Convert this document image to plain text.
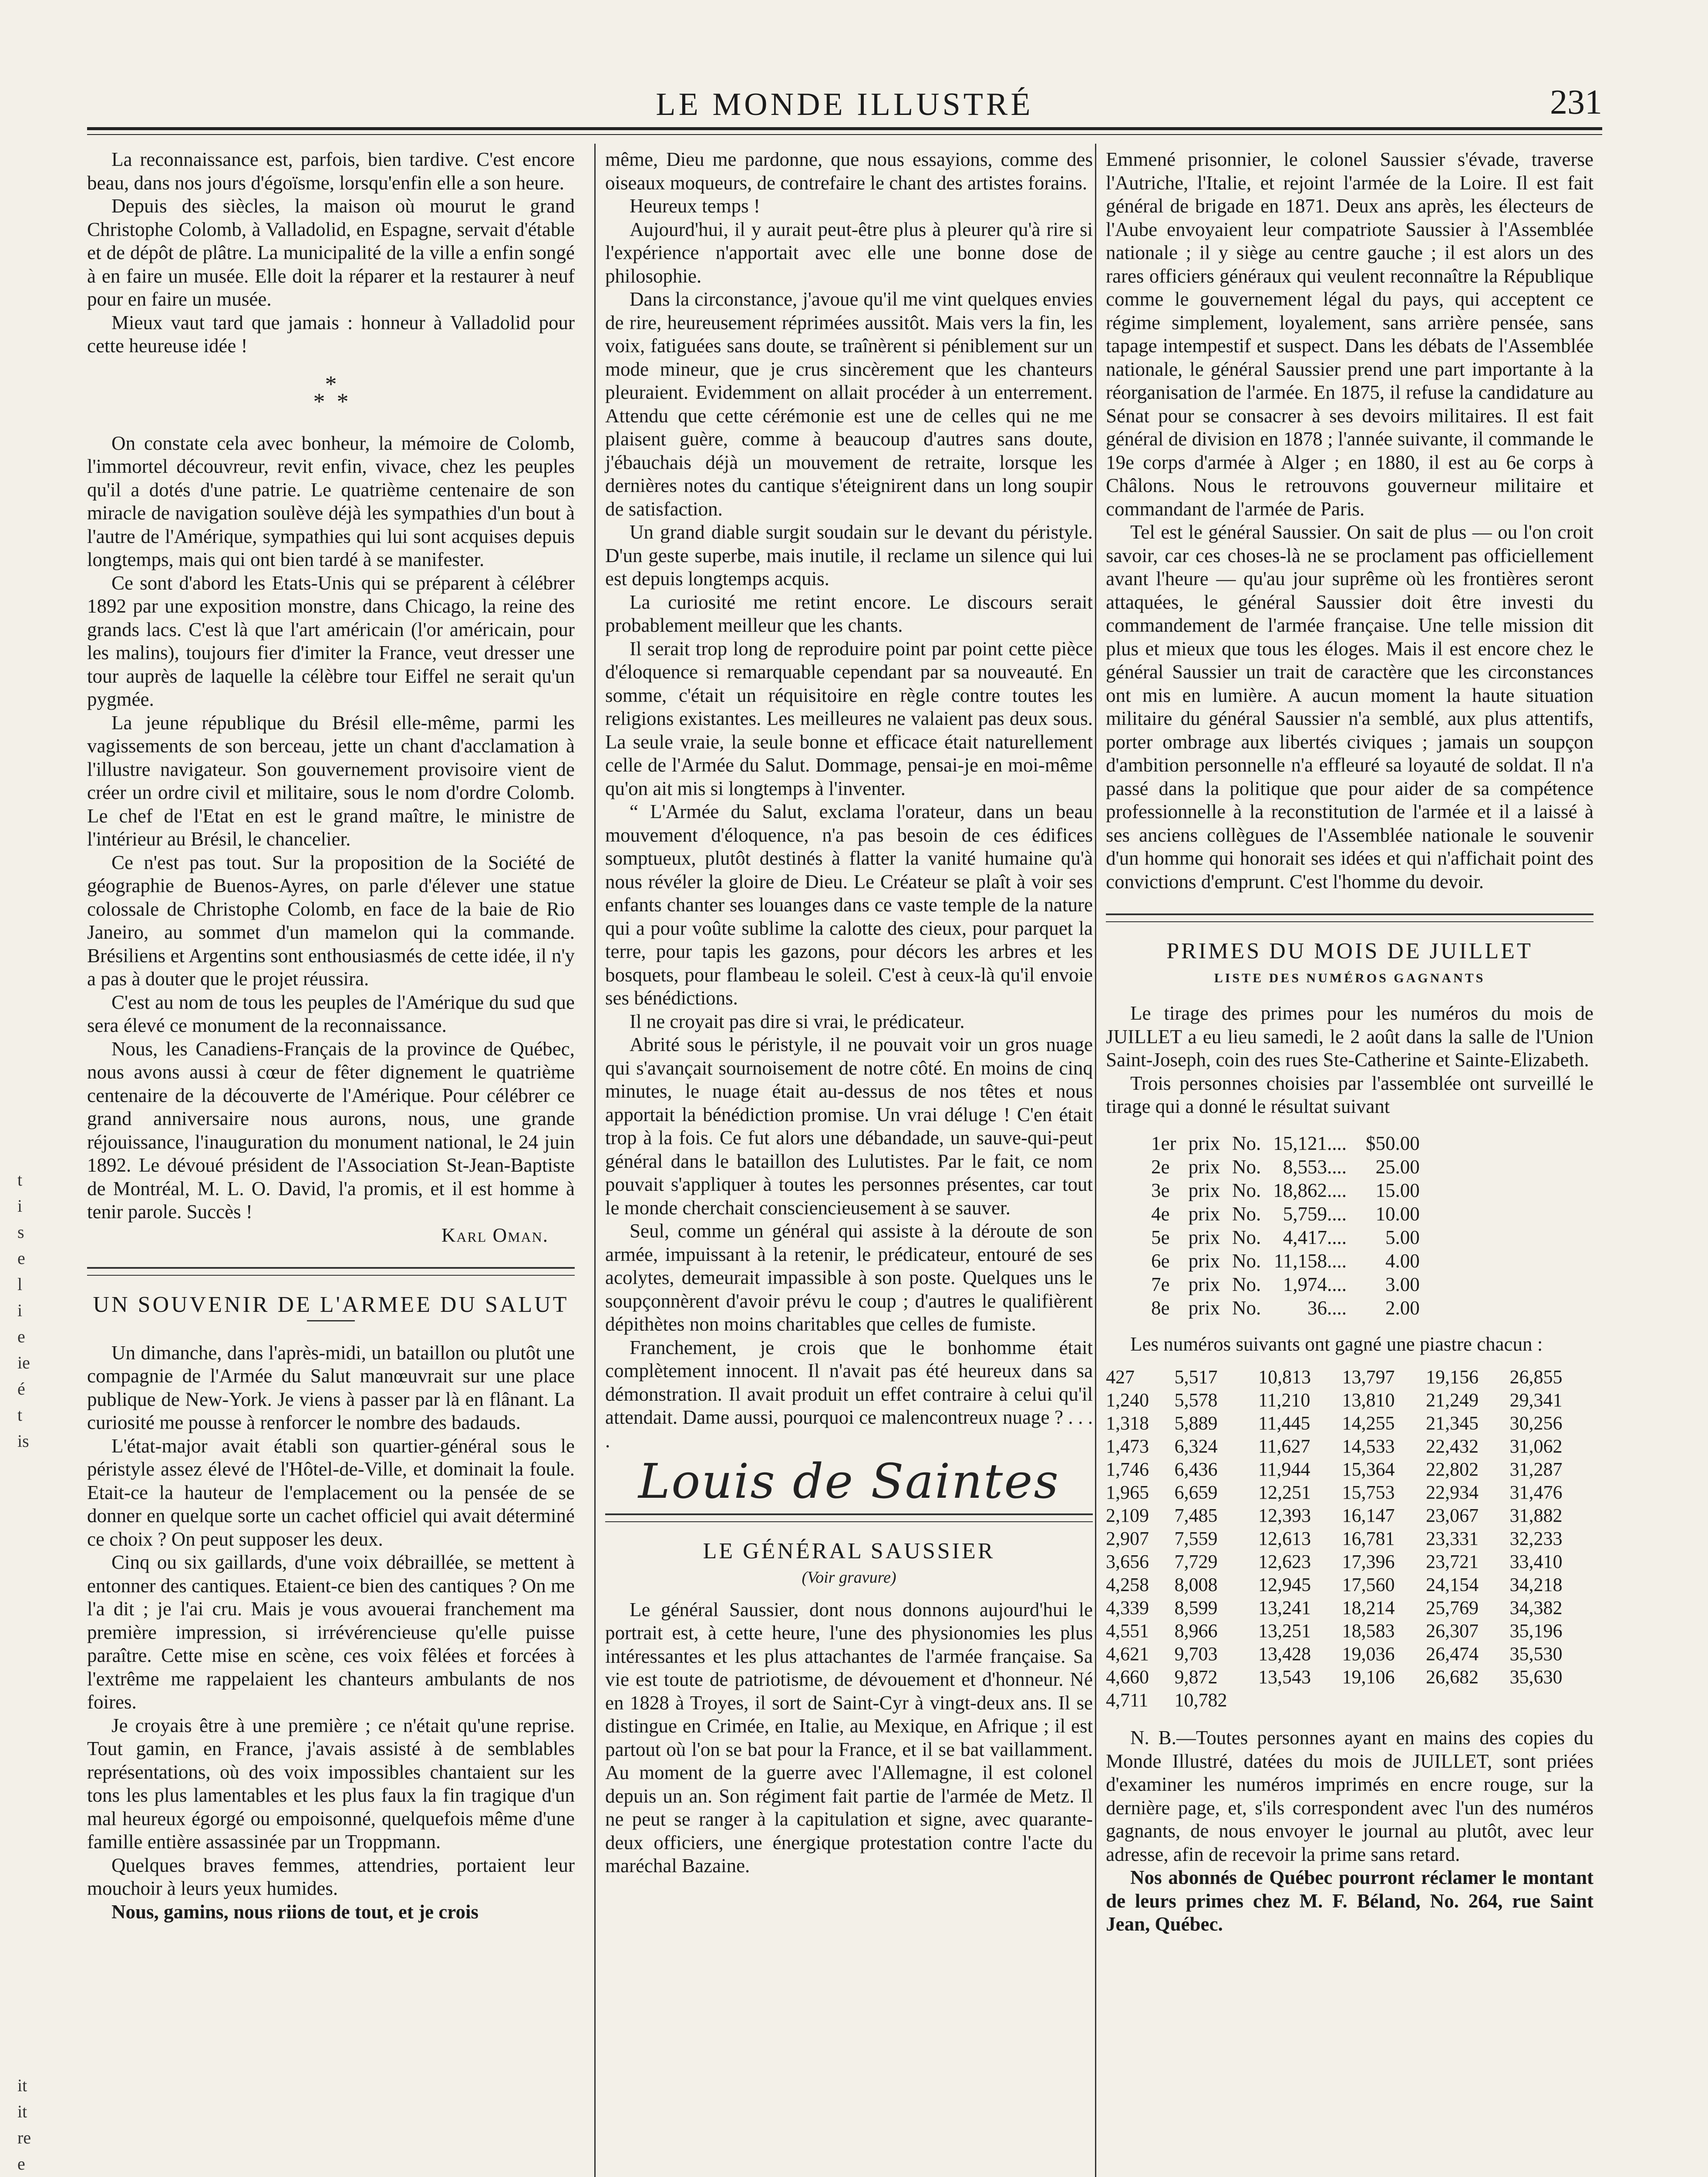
LE MONDE ILLUSTRÉ	231
t
i
s
e
l
i
e
ie
é
t
is
it
it
re
e

La reconnaissance est, parfois, bien tardive. C'est encore beau, dans nos jours d'égoïsme, lorsqu'enfin elle a son heure.

Depuis des siècles, la maison où mourut le grand Christophe Colomb, à Valladolid, en Espagne, servait d'étable et de dépôt de plâtre. La municipalité de la ville a enfin songé à en faire un musée. Elle doit la réparer et la restaurer à neuf pour en faire un musée.

Mieux vaut tard que jamais : honneur à Valladolid pour cette heureuse idée !

*
*  *

On constate cela avec bonheur, la mémoire de Colomb, l'immortel découvreur, revit enfin, vivace, chez les peuples qu'il a dotés d'une patrie. Le quatrième centenaire de son miracle de navigation soulève déjà les sympathies d'un bout à l'autre de l'Amérique, sympathies qui lui sont acquises depuis longtemps, mais qui ont bien tardé à se manifester.

Ce sont d'abord les Etats-Unis qui se préparent à célébrer 1892 par une exposition monstre, dans Chicago, la reine des grands lacs. C'est là que l'art américain (l'or américain, pour les malins), toujours fier d'imiter la France, veut dresser une tour auprès de laquelle la célèbre tour Eiffel ne serait qu'un pygmée.

La jeune république du Brésil elle-même, parmi les vagissements de son berceau, jette un chant d'acclamation à l'illustre navigateur. Son gouvernement provisoire vient de créer un ordre civil et militaire, sous le nom d'ordre Colomb. Le chef de l'Etat en est le grand maître, le ministre de l'intérieur au Brésil, le chancelier.

Ce n'est pas tout. Sur la proposition de la Société de géographie de Buenos-Ayres, on parle d'élever une statue colossale de Christophe Colomb, en face de la baie de Rio Janeiro, au sommet d'un mamelon qui la commande. Brésiliens et Argentins sont enthousiasmés de cette idée, il n'y a pas à douter que le projet réussira.

C'est au nom de tous les peuples de l'Amérique du sud que sera élevé ce monument de la reconnaissance.

Nous, les Canadiens-Français de la province de Québec, nous avons aussi à cœur de fêter dignement le quatrième centenaire de la découverte de l'Amérique. Pour célébrer ce grand anniversaire nous aurons, nous, une grande réjouissance, l'inauguration du monument national, le 24 juin 1892. Le dévoué président de l'Association St-Jean-Baptiste de Montréal, M. L. O. David, l'a promis, et il est homme à tenir parole. Succès !

Karl Oman.
UN SOUVENIR DE L'ARMEE DU SALUT

Un dimanche, dans l'après-midi, un bataillon ou plutôt une compagnie de l'Armée du Salut manœuvrait sur une place publique de New-York. Je viens à passer par là en flânant. La curiosité me pousse à renforcer le nombre des badauds.

L'état-major avait établi son quartier-général sous le péristyle assez élevé de l'Hôtel-de-Ville, et dominait la foule. Etait-ce la hauteur de l'emplacement ou la pensée de se donner en quelque sorte un cachet officiel qui avait déterminé ce choix ? On peut supposer les deux.

Cinq ou six gaillards, d'une voix débraillée, se mettent à entonner des cantiques. Etaient-ce bien des cantiques ? On me l'a dit ; je l'ai cru. Mais je vous avouerai franchement ma première impression, si irrévérencieuse qu'elle puisse paraître. Cette mise en scène, ces voix fêlées et forcées à l'extrême me rappelaient les chanteurs ambulants de nos foires.

Je croyais être à une première ; ce n'était qu'une reprise. Tout gamin, en France, j'avais assisté à de semblables représentations, où des voix impossibles chantaient sur les tons les plus lamentables et les plus faux la fin tragique d'un mal heureux égorgé ou empoisonné, quelquefois même d'une famille entière assassinée par un Troppmann.

Quelques braves femmes, attendries, portaient leur mouchoir à leurs yeux humides.

Nous, gamins, nous riions de tout, et je crois

même, Dieu me pardonne, que nous essayions, comme des oiseaux moqueurs, de contrefaire le chant des artistes forains.

Heureux temps !

Aujourd'hui, il y aurait peut-être plus à pleurer qu'à rire si l'expérience n'apportait avec elle une bonne dose de philosophie.

Dans la circonstance, j'avoue qu'il me vint quelques envies de rire, heureusement réprimées aussitôt. Mais vers la fin, les voix, fatiguées sans doute, se traînèrent si péniblement sur un mode mineur, que je crus sincèrement que les chanteurs pleuraient. Evidemment on allait procéder à un enterrement. Attendu que cette cérémonie est une de celles qui ne me plaisent guère, comme à beaucoup d'autres sans doute, j'ébauchais déjà un mouvement de retraite, lorsque les dernières notes du cantique s'éteignirent dans un long soupir de satisfaction.

Un grand diable surgit soudain sur le devant du péristyle. D'un geste superbe, mais inutile, il reclame un silence qui lui est depuis longtemps acquis.

La curiosité me retint encore. Le discours serait probablement meilleur que les chants.

Il serait trop long de reproduire point par point cette pièce d'éloquence si remarquable cependant par sa nouveauté. En somme, c'était un réquisitoire en règle contre toutes les religions existantes. Les meilleures ne valaient pas deux sous. La seule vraie, la seule bonne et efficace était naturellement celle de l'Armée du Salut. Dommage, pensai-je en moi-même qu'on ait mis si longtemps à l'inventer.

“ L'Armée du Salut, exclama l'orateur, dans un beau mouvement d'éloquence, n'a pas besoin de ces édifices somptueux, plutôt destinés à flatter la vanité humaine qu'à nous révéler la gloire de Dieu. Le Créateur se plaît à voir ses enfants chanter ses louanges dans ce vaste temple de la nature qui a pour voûte sublime la calotte des cieux, pour parquet la terre, pour tapis les gazons, pour décors les arbres et les bosquets, pour flambeau le soleil. C'est à ceux-là qu'il envoie ses bénédictions.

Il ne croyait pas dire si vrai, le prédicateur.

Abrité sous le péristyle, il ne pouvait voir un gros nuage qui s'avançait sournoisement de notre côté. En moins de cinq minutes, le nuage était au-dessus de nos têtes et nous apportait la bénédiction promise. Un vrai déluge ! C'en était trop à la fois. Ce fut alors une débandade, un sauve-qui-peut général dans le bataillon des Lulutistes. Par le fait, ce nom pouvait s'appliquer à toutes les personnes présentes, car tout le monde cherchait consciencieusement à se sauver.

Seul, comme un général qui assiste à la déroute de son armée, impuissant à la retenir, le prédicateur, entouré de ses acolytes, demeurait impassible à son poste. Quelques uns le soupçonnèrent d'avoir prévu le coup ; d'autres le qualifièrent dépithètes non moins charitables que celles de fumiste.

Franchement, je crois que le bonhomme était complètement innocent. Il n'avait pas été heureux dans sa démonstration. Il avait produit un effet contraire à celui qu'il attendait. Dame aussi, pourquoi ce malencontreux nuage ? . . . .

Louis de Saintes
LE GÉNÉRAL SAUSSIER
(Voir gravure)

Le général Saussier, dont nous donnons aujourd'hui le portrait est, à cette heure, l'une des physionomies les plus intéressantes et les plus attachantes de l'armée française. Sa vie est toute de patriotisme, de dévouement et d'honneur. Né en 1828 à Troyes, il sort de Saint-Cyr à vingt-deux ans. Il se distingue en Crimée, en Italie, au Mexique, en Afrique ; il est partout où l'on se bat pour la France, et il se bat vaillamment. Au moment de la guerre avec l'Allemagne, il est colonel depuis un an. Son régiment fait partie de l'armée de Metz. Il ne peut se ranger à la capitulation et signe, avec quarante-deux officiers, une énergique protestation contre l'acte du maréchal Bazaine.

Emmené prisonnier, le colonel Saussier s'évade, traverse l'Autriche, l'Italie, et rejoint l'armée de la Loire. Il est fait général de brigade en 1871. Deux ans après, les électeurs de l'Aube envoyaient leur compatriote Saussier à l'Assemblée nationale ; il y siège au centre gauche ; il est alors un des rares officiers généraux qui veulent reconnaître la République comme le gouvernement légal du pays, qui acceptent ce régime simplement, loyalement, sans arrière pensée, sans tapage intempestif et suspect. Dans les débats de l'Assemblée nationale, le général Saussier prend une part importante à la réorganisation de l'armée. En 1875, il refuse la candidature au Sénat pour se consacrer à ses devoirs militaires. Il est fait général de division en 1878 ; l'année suivante, il commande le 19e corps d'armée à Alger ; en 1880, il est au 6e corps à Châlons. Nous le retrouvons gouverneur militaire et commandant de l'armée de Paris.

Tel est le général Saussier. On sait de plus — ou l'on croit savoir, car ces choses-là ne se proclament pas officiellement avant l'heure — qu'au jour suprême où les frontières seront attaquées, le général Saussier doit être investi du commandement de l'armée française. Une telle mission dit plus et mieux que tous les éloges. Mais il est encore chez le général Saussier un trait de caractère que les circonstances ont mis en lumière. A aucun moment la haute situation militaire du général Saussier n'a semblé, aux plus attentifs, porter ombrage aux libertés civiques ; jamais un soupçon d'ambition personnelle n'a effleuré sa loyauté de soldat. Il n'a passé dans la politique que pour aider de sa compétence professionnelle à la reconstitution de l'armée et il a laissé à ses anciens collègues de l'Assemblée nationale le souvenir d'un homme qui honorait ses idées et qui n'affichait point des convictions d'emprunt. C'est l'homme du devoir.

PRIMES DU MOIS DE JUILLET
LISTE DES NUMÉROS GAGNANTS

Le tirage des primes pour les numéros du mois de JUILLET a eu lieu samedi, le 2 août dans la salle de l'Union Saint-Joseph, coin des rues Ste-Catherine et Sainte-Elizabeth.

Trois personnes choisies par l'assemblée ont surveillé le tirage qui a donné le résultat suivant

1er	prix	No.	15,121....	$50.00
2e	prix	No.	8,553....	25.00
3e	prix	No.	18,862....	15.00
4e	prix	No.	5,759....	10.00
5e	prix	No.	4,417....	5.00
6e	prix	No.	11,158....	4.00
7e	prix	No.	1,974....	3.00
8e	prix	No.	36....	2.00

Les numéros suivants ont gagné une piastre chacun :

427	5,517	10,813	13,797	19,156	26,855
1,240	5,578	11,210	13,810	21,249	29,341
1,318	5,889	11,445	14,255	21,345	30,256
1,473	6,324	11,627	14,533	22,432	31,062
1,746	6,436	11,944	15,364	22,802	31,287
1,965	6,659	12,251	15,753	22,934	31,476
2,109	7,485	12,393	16,147	23,067	31,882
2,907	7,559	12,613	16,781	23,331	32,233
3,656	7,729	12,623	17,396	23,721	33,410
4,258	8,008	12,945	17,560	24,154	34,218
4,339	8,599	13,241	18,214	25,769	34,382
4,551	8,966	13,251	18,583	26,307	35,196
4,621	9,703	13,428	19,036	26,474	35,530
4,660	9,872	13,543	19,106	26,682	35,630
4,711	10,782				

N. B.—Toutes personnes ayant en mains des copies du Monde Illustré, datées du mois de JUILLET, sont priées d'examiner les numéros imprimés en encre rouge, sur la dernière page, et, s'ils correspondent avec l'un des numéros gagnants, de nous envoyer le journal au plutôt, avec leur adresse, afin de recevoir la prime sans retard.

Nos abonnés de Québec pourront réclamer le montant de leurs primes chez M. F. Béland, No. 264, rue Saint Jean, Québec.
